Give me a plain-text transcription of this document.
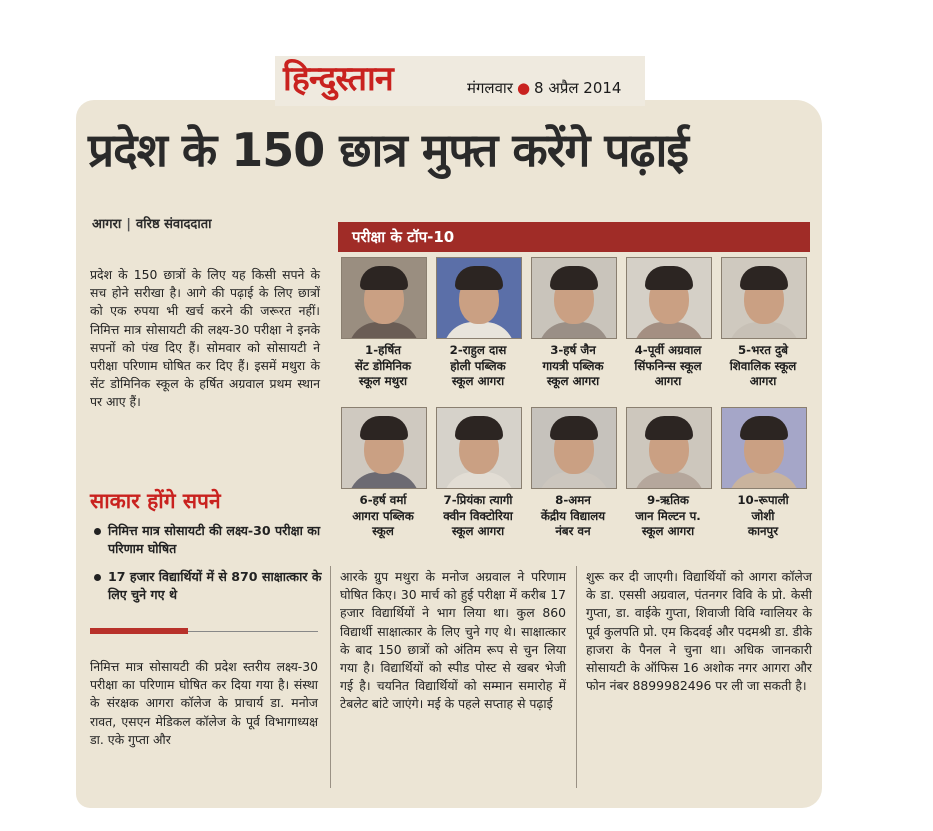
हिन्दुस्तान	मंगलवार ● 8 अप्रैल 2014
प्रदेश के 150 छात्र मुफ्त करेंगे पढ़ाई
आगरा | वरिष्ठ संवाददाता
प्रदेश के 150 छात्रों के लिए यह किसी सपने के सच होने सरीखा है। आगे की पढ़ाई के लिए छात्रों को एक रुपया भी खर्च करने की जरूरत नहीं। निमित्त मात्र सोसायटी की लक्ष्य-30 परीक्षा ने इनके सपनों को पंख दिए हैं। सोमवार को सोसायटी ने परीक्षा परिणाम घोषित कर दिए हैं। इसमें मथुरा के सेंट डोमिनिक स्कूल के हर्षित अग्रवाल प्रथम स्थान पर आए हैं।
साकार होंगे सपने
निमित्त मात्र सोसायटी की लक्ष्य-30 परीक्षा का परिणाम घोषित
17 हजार विद्यार्थियों में से 870 साक्षात्कार के लिए चुने गए थे
निमित्त मात्र सोसायटी की प्रदेश स्तरीय लक्ष्य-30 परीक्षा का परिणाम घोषित कर दिया गया है। संस्था के संरक्षक आगरा कॉलेज के प्राचार्य डा. मनोज रावत, एसएन मेडिकल कॉलेज के पूर्व विभागाध्यक्ष डा. एके गुप्ता और
आरके ग्रुप मथुरा के मनोज अग्रवाल ने परिणाम घोषित किए। 30 मार्च को हुई परीक्षा में करीब 17 हजार विद्यार्थियों ने भाग लिया था। कुल 860 विद्यार्थी साक्षात्कार के लिए चुने गए थे। साक्षात्कार के बाद 150 छात्रों को अंतिम रूप से चुन लिया गया है। विद्यार्थियों को स्पीड पोस्ट से खबर भेजी गई है। चयनित विद्यार्थियों को सम्मान समारोह में टेबलेट बांटे जाएंगे। मई के पहले सप्ताह से पढ़ाई
शुरू कर दी जाएगी। विद्यार्थियों को आगरा कॉलेज के डा. एससी अग्रवाल, पंतनगर विवि के प्रो. केसी गुप्ता, डा. वाईके गुप्ता, शिवाजी विवि ग्वालियर के पूर्व कुलपति प्रो. एम किदवई और पदमश्री डा. डीके हाजरा के पैनल ने चुना था। अधिक जानकारी सोसायटी के ऑफिस 16 अशोक नगर आगरा और फोन नंबर 8899982496 पर ली जा सकती है।
परीक्षा के टॉप-10
1-हर्षित
सेंट डोमिनिक
स्कूल मथुरा
2-राहुल दास
होली पब्लिक
स्कूल आगरा
3-हर्ष जैन
गायत्री पब्लिक
स्कूल आगरा
4-पूर्वी अग्रवाल
सिंफनिन्स स्कूल
आगरा
5-भरत दुबे
शिवालिक स्कूल
आगरा
6-हर्ष वर्मा
आगरा पब्लिक
स्कूल
7-प्रियंका त्यागी
क्वीन विक्टोरिया
स्कूल आगरा
8-अमन
केंद्रीय विद्यालय
नंबर वन
9-ऋतिक
जान मिल्टन प.
स्कूल आगरा
10-रूपाली
जोशी
कानपुर
